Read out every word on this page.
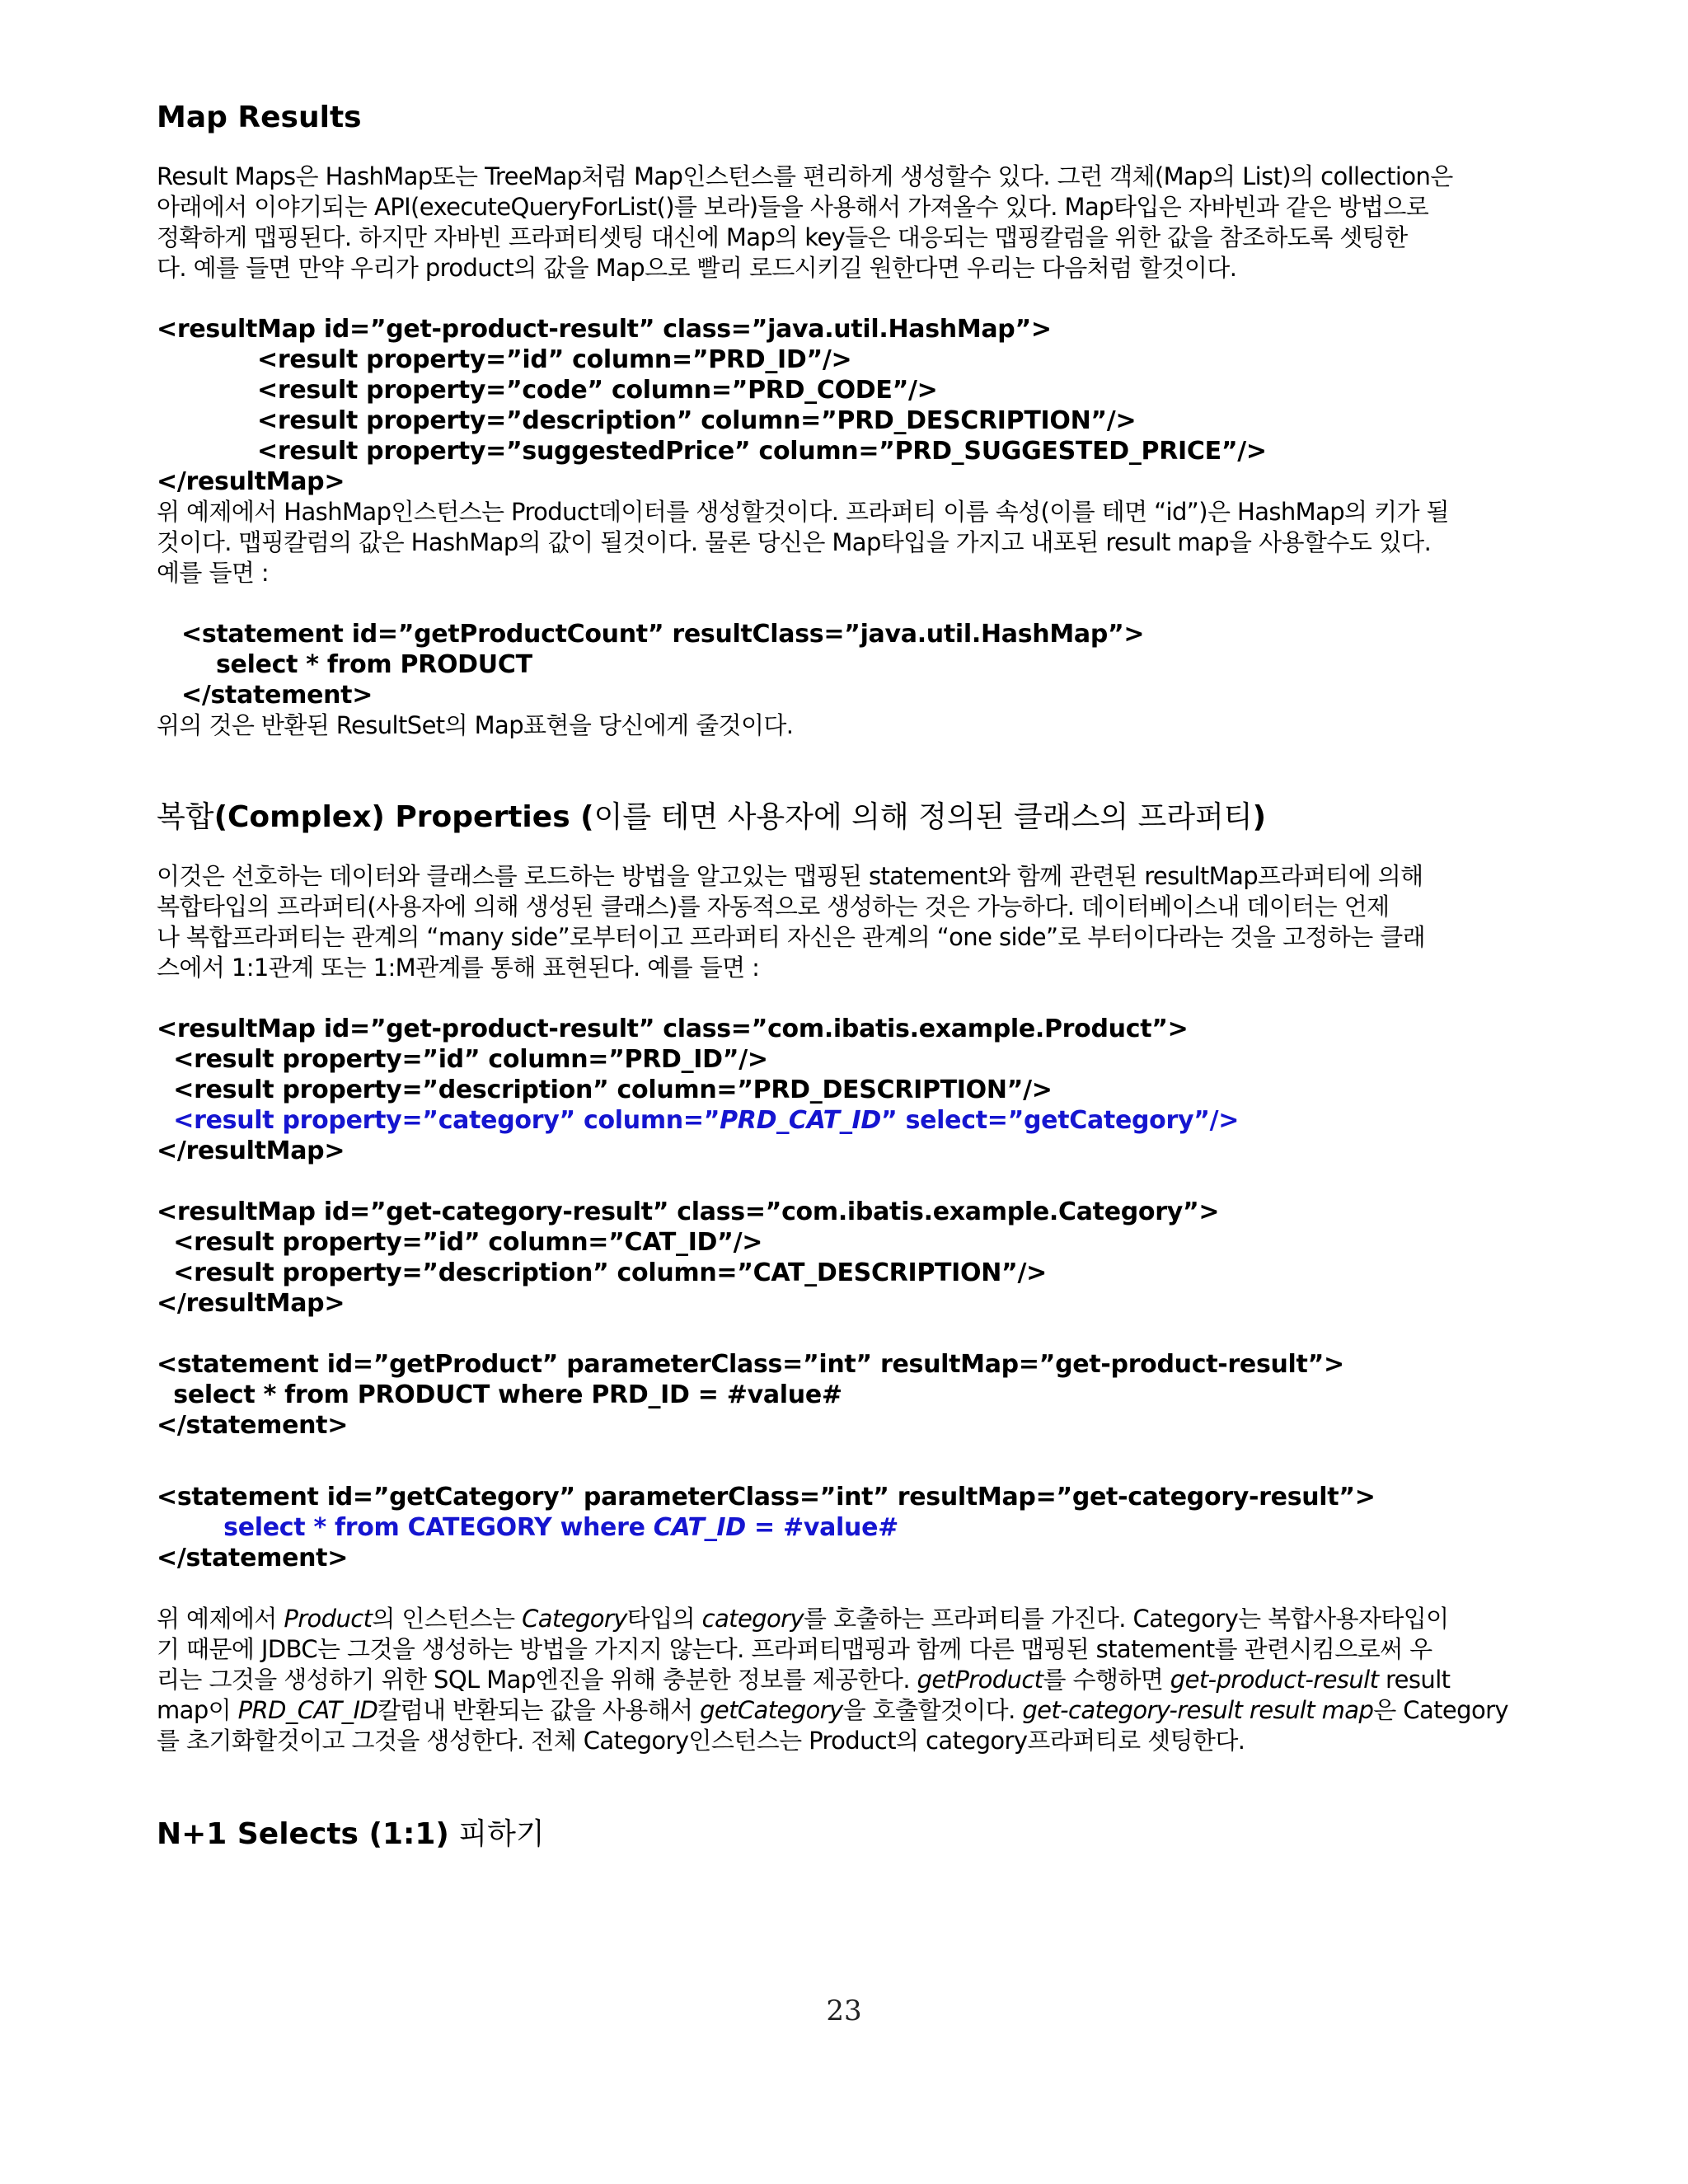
Map Results

Result Maps은 HashMap또는 TreeMap처럼 Map인스턴스를 편리하게 생성할수 있다. 그런 객체(Map의 List)의 collection은

아래에서 이야기되는 API(executeQueryForList()를 보라)들을 사용해서 가져올수 있다. Map타입은 자바빈과 같은 방법으로

정확하게 맵핑된다. 하지만 자바빈 프라퍼티셋팅 대신에 Map의 key들은 대응되는 맵핑칼럼을 위한 값을 참조하도록 셋팅한

다. 예를 들면 만약 우리가 product의 값을 Map으로 빨리 로드시키길 원한다면 우리는 다음처럼 할것이다.

<resultMap id=”get-product-result” class=”java.util.HashMap”>
<result property=”id” column=”PRD_ID”/>
<result property=”code” column=”PRD_CODE”/>
<result property=”description” column=”PRD_DESCRIPTION”/>
<result property=”suggestedPrice” column=”PRD_SUGGESTED_PRICE”/>
</resultMap>

위 예제에서 HashMap인스턴스는 Product데이터를 생성할것이다. 프라퍼티 이름 속성(이를 테면 “id”)은 HashMap의 키가 될

것이다. 맵핑칼럼의 값은 HashMap의 값이 될것이다. 물론 당신은 Map타입을 가지고 내포된 result map을 사용할수도 있다.

예를 들면 :

<statement id=”getProductCount” resultClass=”java.util.HashMap”>
select * from PRODUCT
</statement>

위의 것은 반환된 ResultSet의 Map표현을 당신에게 줄것이다.

복합(Complex) Properties (이를 테면 사용자에 의해 정의된 클래스의 프라퍼티)

이것은 선호하는 데이터와 클래스를 로드하는 방법을 알고있는 맵핑된 statement와 함께 관련된 resultMap프라퍼티에 의해

복합타입의 프라퍼티(사용자에 의해 생성된 클래스)를 자동적으로 생성하는 것은 가능하다. 데이터베이스내 데이터는 언제

나 복합프라퍼티는 관계의 “many side”로부터이고 프라퍼티 자신은 관계의 “one side”로 부터이다라는 것을 고정하는 클래

스에서 1:1관계 또는 1:M관계를 통해 표현된다. 예를 들면 :

<resultMap id=”get-product-result” class=”com.ibatis.example.Product”>
<result property=”id” column=”PRD_ID”/>
<result property=”description” column=”PRD_DESCRIPTION”/>
<result property=”category” column=”PRD_CAT_ID” select=”getCategory”/>
</resultMap>
<resultMap id=”get-category-result” class=”com.ibatis.example.Category”>
<result property=”id” column=”CAT_ID”/>
<result property=”description” column=”CAT_DESCRIPTION”/>
</resultMap>
<statement id=”getProduct” parameterClass=”int” resultMap=”get-product-result”>
select * from PRODUCT where PRD_ID = #value#
</statement>
<statement id=”getCategory” parameterClass=”int” resultMap=”get-category-result”>
select * from CATEGORY where CAT_ID = #value#
</statement>

위 예제에서 Product의 인스턴스는 Category타입의 category를 호출하는 프라퍼티를 가진다. Category는 복합사용자타입이

기 때문에 JDBC는 그것을 생성하는 방법을 가지지 않는다. 프라퍼티맵핑과 함께 다른 맵핑된 statement를 관련시킴으로써 우

리는 그것을 생성하기 위한 SQL Map엔진을 위해 충분한 정보를 제공한다. getProduct를 수행하면 get-product-result result

map이 PRD_CAT_ID칼럼내 반환되는 값을 사용해서 getCategory을 호출할것이다. get-category-result result map은 Category

를 초기화할것이고 그것을 생성한다. 전체 Category인스턴스는 Product의 category프라퍼티로 셋팅한다.

N+1 Selects (1:1) 피하기
23
